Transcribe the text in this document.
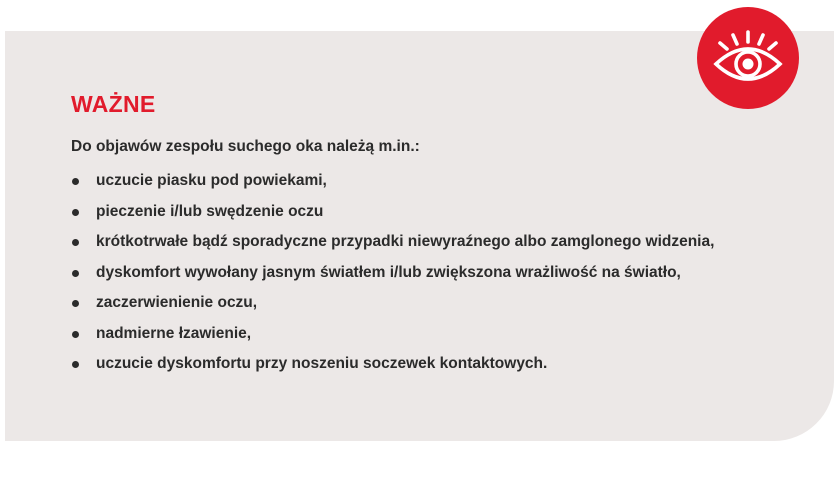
WAŻNE
Do objawów zespołu suchego oka należą m.in.:
uczucie piasku pod powiekami,
pieczenie i/lub swędzenie oczu
krótkotrwałe bądź sporadyczne przypadki niewyraźnego albo zamglonego widzenia,
dyskomfort wywołany jasnym światłem i/lub zwiększona wrażliwość na światło,
zaczerwienienie oczu,
nadmierne łzawienie,
uczucie dyskomfortu przy noszeniu soczewek kontaktowych.
